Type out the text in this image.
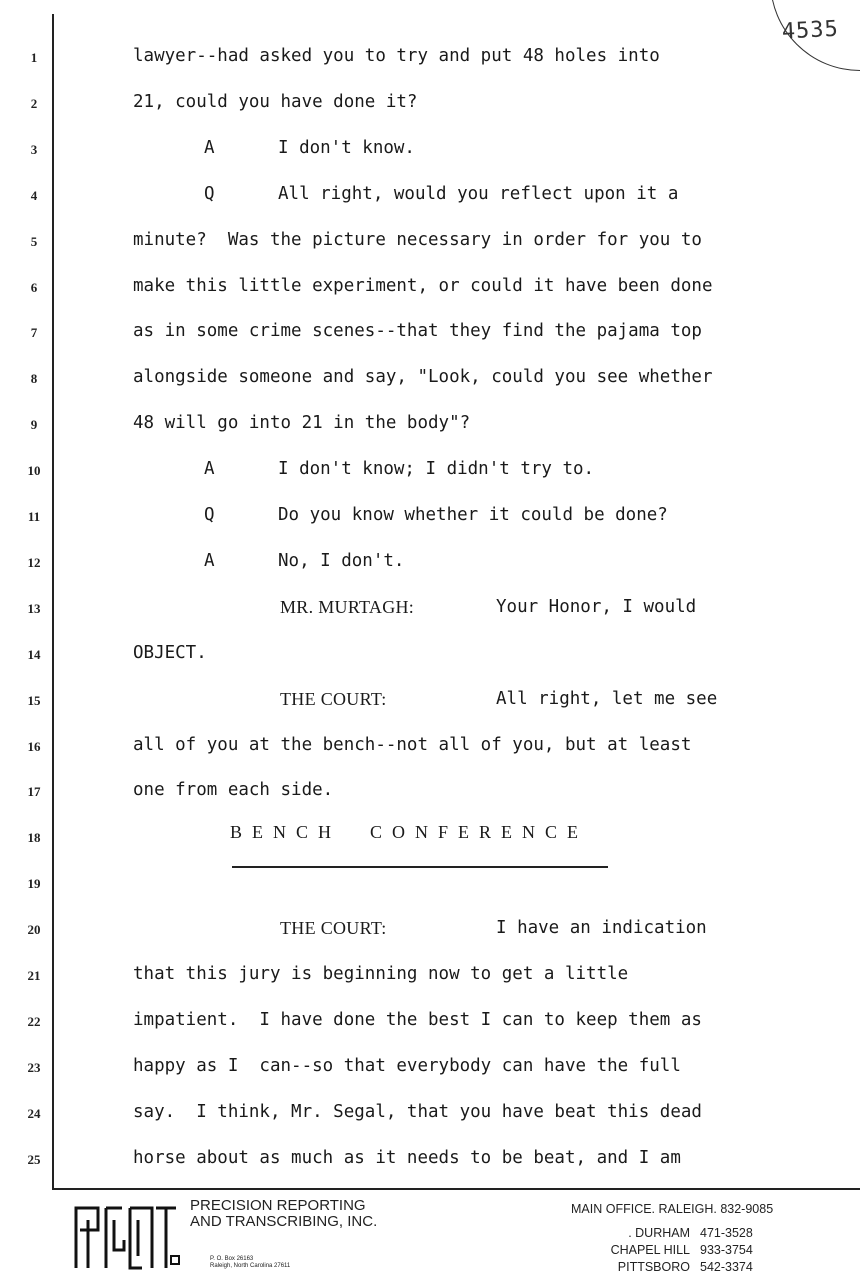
4535
1
2
3
4
5
6
7
8
9
10
11
12
13
14
15
16
17
18
19
20
21
22
23
24
25
lawyer--had asked you to try and put 48 holes into
21, could you have done it?
A	I don't know.
Q	All right, would you reflect upon it a
minute?  Was the picture necessary in order for you to
make this little experiment, or could it have been done
as in some crime scenes--that they find the pajama top
alongside someone and say, "Look, could you see whether
48 will go into 21 in the body"?
A	I don't know; I didn't try to.
Q	Do you know whether it could be done?
A	No, I don't.
MR. MURTAGH:	Your Honor, I would
OBJECT.
THE COURT:	All right, let me see
all of you at the bench--not all of you, but at least
one from each side.
THE COURT:	I have an indication
that this jury is beginning now to get a little
impatient.  I have done the best I can to keep them as
happy as I  can--so that everybody can have the full
say.  I think, Mr. Segal, that you have beat this dead
horse about as much as it needs to be beat, and I am
BENCH  CONFERENCE
PRECISION REPORTING
AND TRANSCRIBING, INC.
P. O. Box 26163
Raleigh, North Carolina 27611
MAIN OFFICE. RALEIGH. 832-9085
. DURHAM 471-3528
CHAPEL HILL 933-3754
PITTSBORO 542-3374
